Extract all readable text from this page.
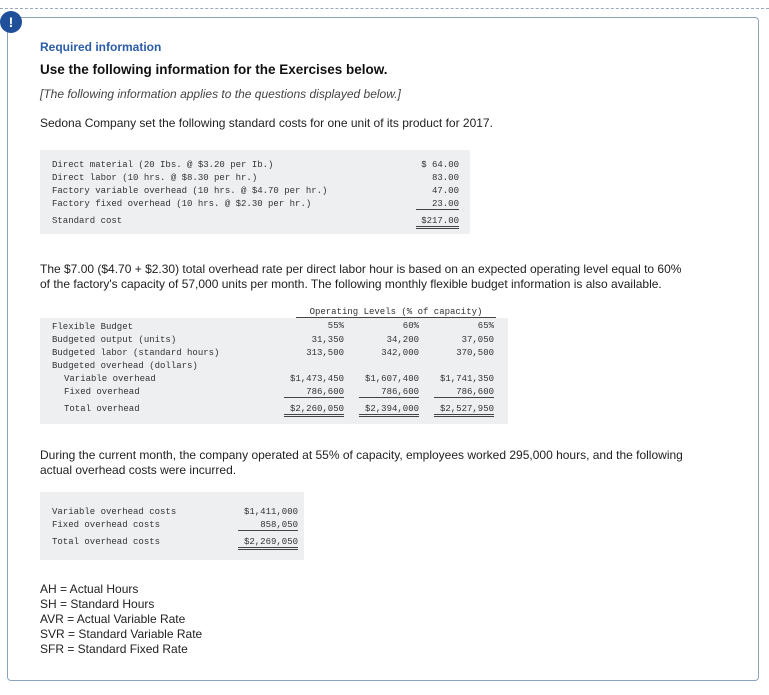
!
Required information
Use the following information for the Exercises below.
[The following information applies to the questions displayed below.]
Sedona Company set the following standard costs for one unit of its product for 2017.
Direct material (20 Ibs. @ $3.20 per Ib.)	$ 64.00
Direct labor (10 hrs. @ $8.30 per hr.)	83.00
Factory variable overhead (10 hrs. @ $4.70 per hr.)	47.00
Factory fixed overhead (10 hrs. @ $2.30 per hr.)	23.00
Standard cost	$217.00
The $7.00 ($4.70 + $2.30) total overhead rate per direct labor hour is based on an expected operating level equal to 60%
of the factory's capacity of 57,000 units per month. The following monthly flexible budget information is also available.
Operating Levels (% of capacity)
Flexible Budget	55%	60%	65%
Budgeted output (units)	31,350	34,200	37,050
Budgeted labor (standard hours)	313,500	342,000	370,500
Budgeted overhead (dollars)
Variable overhead	$1,473,450	$1,607,400	$1,741,350
Fixed overhead	786,600	786,600	786,600
Total overhead	$2,260,050	$2,394,000	$2,527,950
During the current month, the company operated at 55% of capacity, employees worked 295,000 hours, and the following
actual overhead costs were incurred.
Variable overhead costs	$1,411,000
Fixed overhead costs	858,050
Total overhead costs	$2,269,050
AH = Actual Hours
SH = Standard Hours
AVR = Actual Variable Rate
SVR = Standard Variable Rate
SFR = Standard Fixed Rate
